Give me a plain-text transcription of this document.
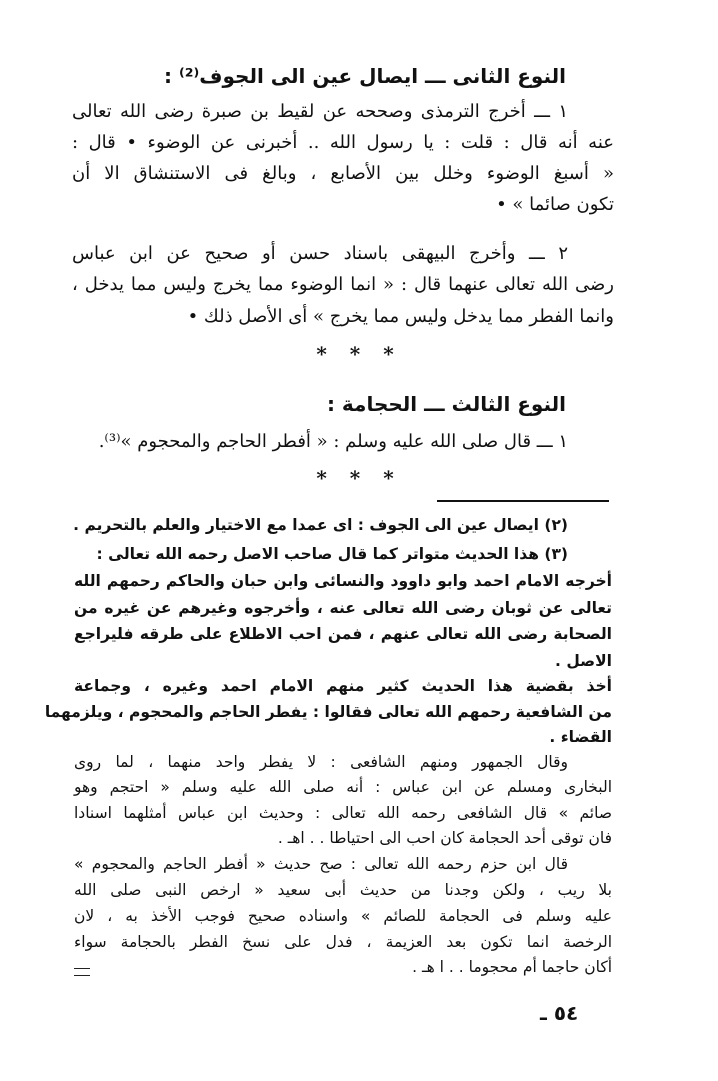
النوع الثانى ـــ ايصال عين الى الجوف⁽²⁾ :
١ ـــ أخرج الترمذى وصححه عن لقيط بن صبرة رضى الله تعالى
عنه أنه قال : قلت : يا رسول الله .. أخبرنى عن الوضوء • قال :
« أسبغ الوضوء وخلل بين الأصابع ، وبالغ فى الاستنشاق الا أن
تكون صائما » •
٢ ـــ وأخرج البيهقى باسناد حسن أو صحيح عن ابن عباس
رضى الله تعالى عنهما قال : « انما الوضوء مما يخرج وليس مما يدخل ،
وانما الفطر مما يدخل وليس مما يخرج » أى الأصل ذلك •
* * *
النوع الثالث ـــ الحجامة :
١ ـــ قال صلى الله عليه وسلم : « أفطر الحاجم والمحجوم »⁽³⁾.
* * *
(٢) ايصال عين الى الجوف : اى عمدا مع الاختيار والعلم بالتحريم .
(٣) هذا الحديث متواتر كما قال صاحب الاصل رحمه الله تعالى :
أخرجه الامام احمد وابو داوود والنسائى وابن حبان والحاكم رحمهم الله
تعالى عن ثوبان رضى الله تعالى عنه ، وأخرجوه وغيرهم عن غيره من
الصحابة رضى الله تعالى عنهم ، فمن احب الاطلاع على طرقه فليراجع
الاصل .
أخذ بقضية هذا الحديث كثير منهم الامام احمد وغيره ، وجماعة
من الشافعية رحمهم الله تعالى فقالوا : يفطر الحاجم والمحجوم ، ويلزمهما
القضاء .
وقال الجمهور ومنهم الشافعى : لا يفطر واحد منهما ، لما روى
البخارى ومسلم عن ابن عباس : أنه صلى الله عليه وسلم « احتجم وهو
صائم » قال الشافعى رحمه الله تعالى : وحديث ابن عباس أمثلهما اسنادا
فان توقى أحد الحجامة كان احب الى احتياطا . . اهـ .
قال ابن حزم رحمه الله تعالى : صح حديث « أفطر الحاجم والمحجوم »
بلا ريب ، ولكن وجدنا من حديث أبى سعيد « ارخص النبى صلى الله
عليه وسلم فى الحجامة للصائم » واسناده صحيح فوجب الأخذ به ، لان
الرخصة انما تكون بعد العزيمة ، فدل على نسخ الفطر بالحجامة سواء
أكان حاجما أم محجوما . . ا هـ .
٥٤ ـ
